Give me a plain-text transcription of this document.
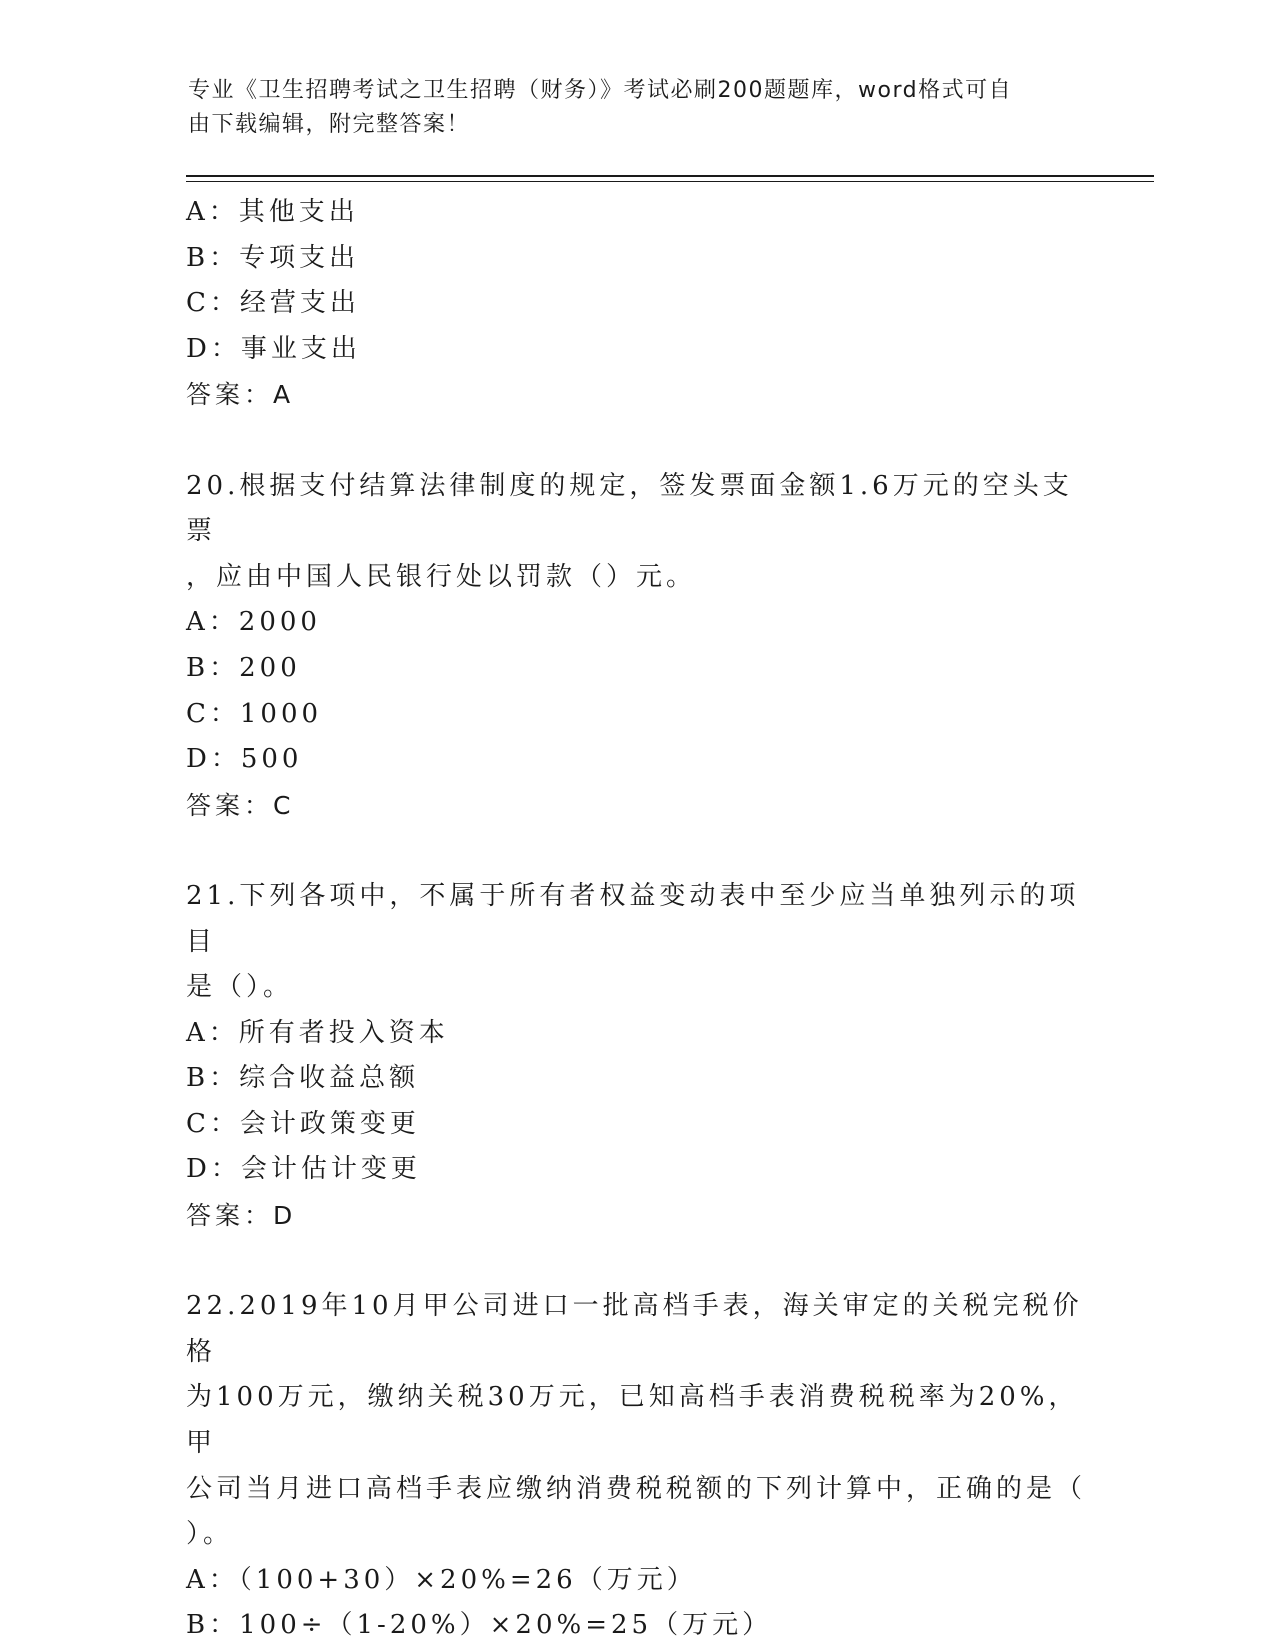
专业《卫生招聘考试之卫生招聘（财务）》考试必刷200题题库，word格式可自
由下载编辑，附完整答案！
A：其他支出
B：专项支出
C：经营支出
D：事业支出
答案：A
20.根据支付结算法律制度的规定，签发票面金额1.6万元的空头支票
，应由中国人民银行处以罚款（）元。
A：2000
B：200
C：1000
D：500
答案：C
21.下列各项中，不属于所有者权益变动表中至少应当单独列示的项目
是（）。
A：所有者投入资本
B：综合收益总额
C：会计政策变更
D：会计估计变更
答案：D
22.2019年10月甲公司进口一批高档手表，海关审定的关税完税价格
为100万元，缴纳关税30万元，已知高档手表消费税税率为20%，甲
公司当月进口高档手表应缴纳消费税税额的下列计算中，正确的是（
）。
A：（100+30）×20%=26（万元）
B：100÷（1-20%）×20%=25（万元）
